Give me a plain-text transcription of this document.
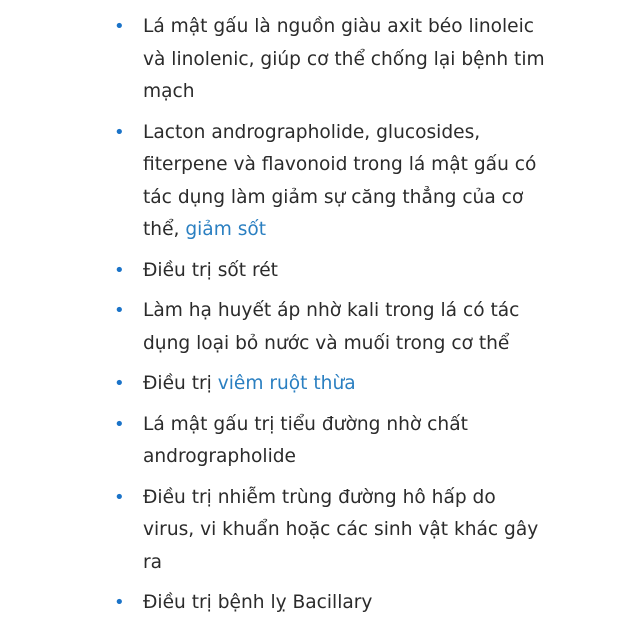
• Lá mật gấu là nguồn giàu axit béo linoleic và linolenic, giúp cơ thể chống lại bệnh tim mạch
• Lacton andrographolide, glucosides, fiterpene và flavonoid trong lá mật gấu có tác dụng làm giảm sự căng thẳng của cơ thể, giảm sốt
• Điều trị sốt rét
• Làm hạ huyết áp nhờ kali trong lá có tác dụng loại bỏ nước và muối trong cơ thể
• Điều trị viêm ruột thừa
• Lá mật gấu trị tiểu đường nhờ chất andrographolide
• Điều trị nhiễm trùng đường hô hấp do virus, vi khuẩn hoặc các sinh vật khác gây ra
• Điều trị bệnh lỵ Bacillary
